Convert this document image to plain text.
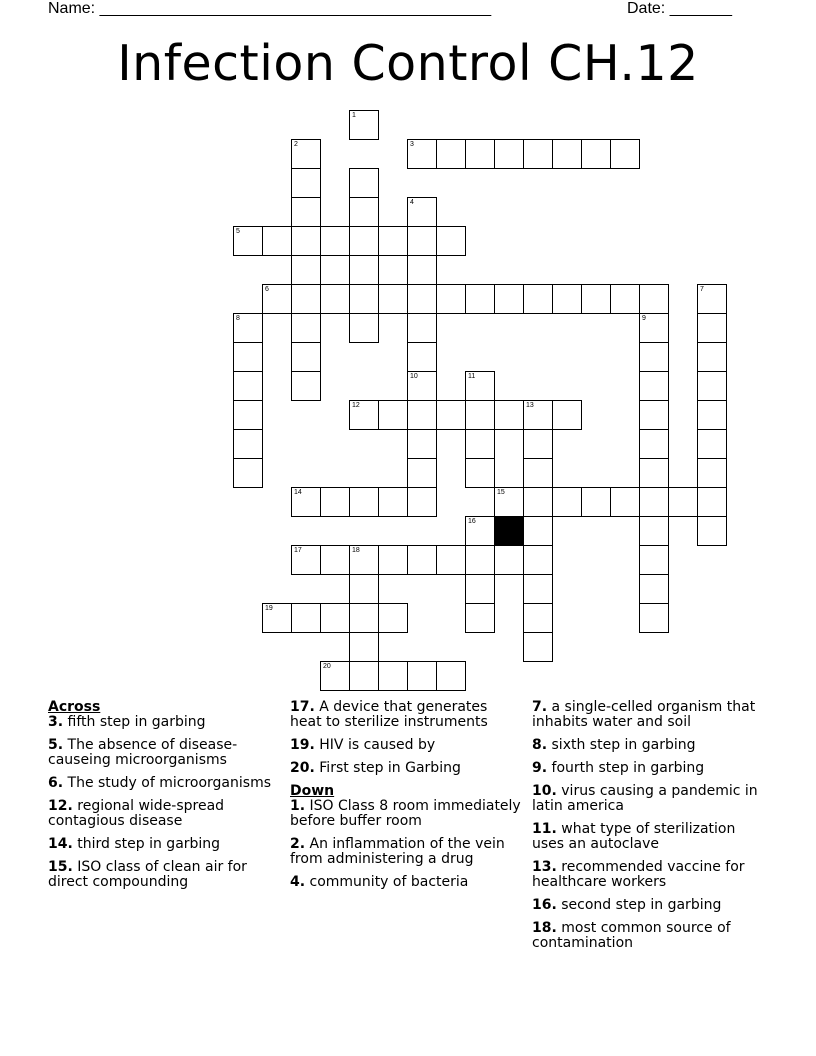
Name: ____________________________________________	Date: _______
Infection Control CH.12
1
2	3
4
5
6	7
8	9
10	11
12	13
14	15
16
17	18
19
20
Across
3. fifth step in garbing
5. The absence of disease-causeing microorganisms
6. The study of microorganisms
12. regional wide-spread contagious disease
14. third step in garbing
15. ISO class of clean air for direct compounding
17. A device that generates heat to sterilize instruments
19. HIV is caused by
20. First step in Garbing
Down
1. ISO Class 8 room immediately before buffer room
2. An inflammation of the vein from administering a drug
4. community of bacteria
7. a single-celled organism that inhabits water and soil
8. sixth step in garbing
9. fourth step in garbing
10. virus causing a pandemic in latin america
11. what type of sterilization uses an autoclave
13. recommended vaccine for healthcare workers
16. second step in garbing
18. most common source of contamination
